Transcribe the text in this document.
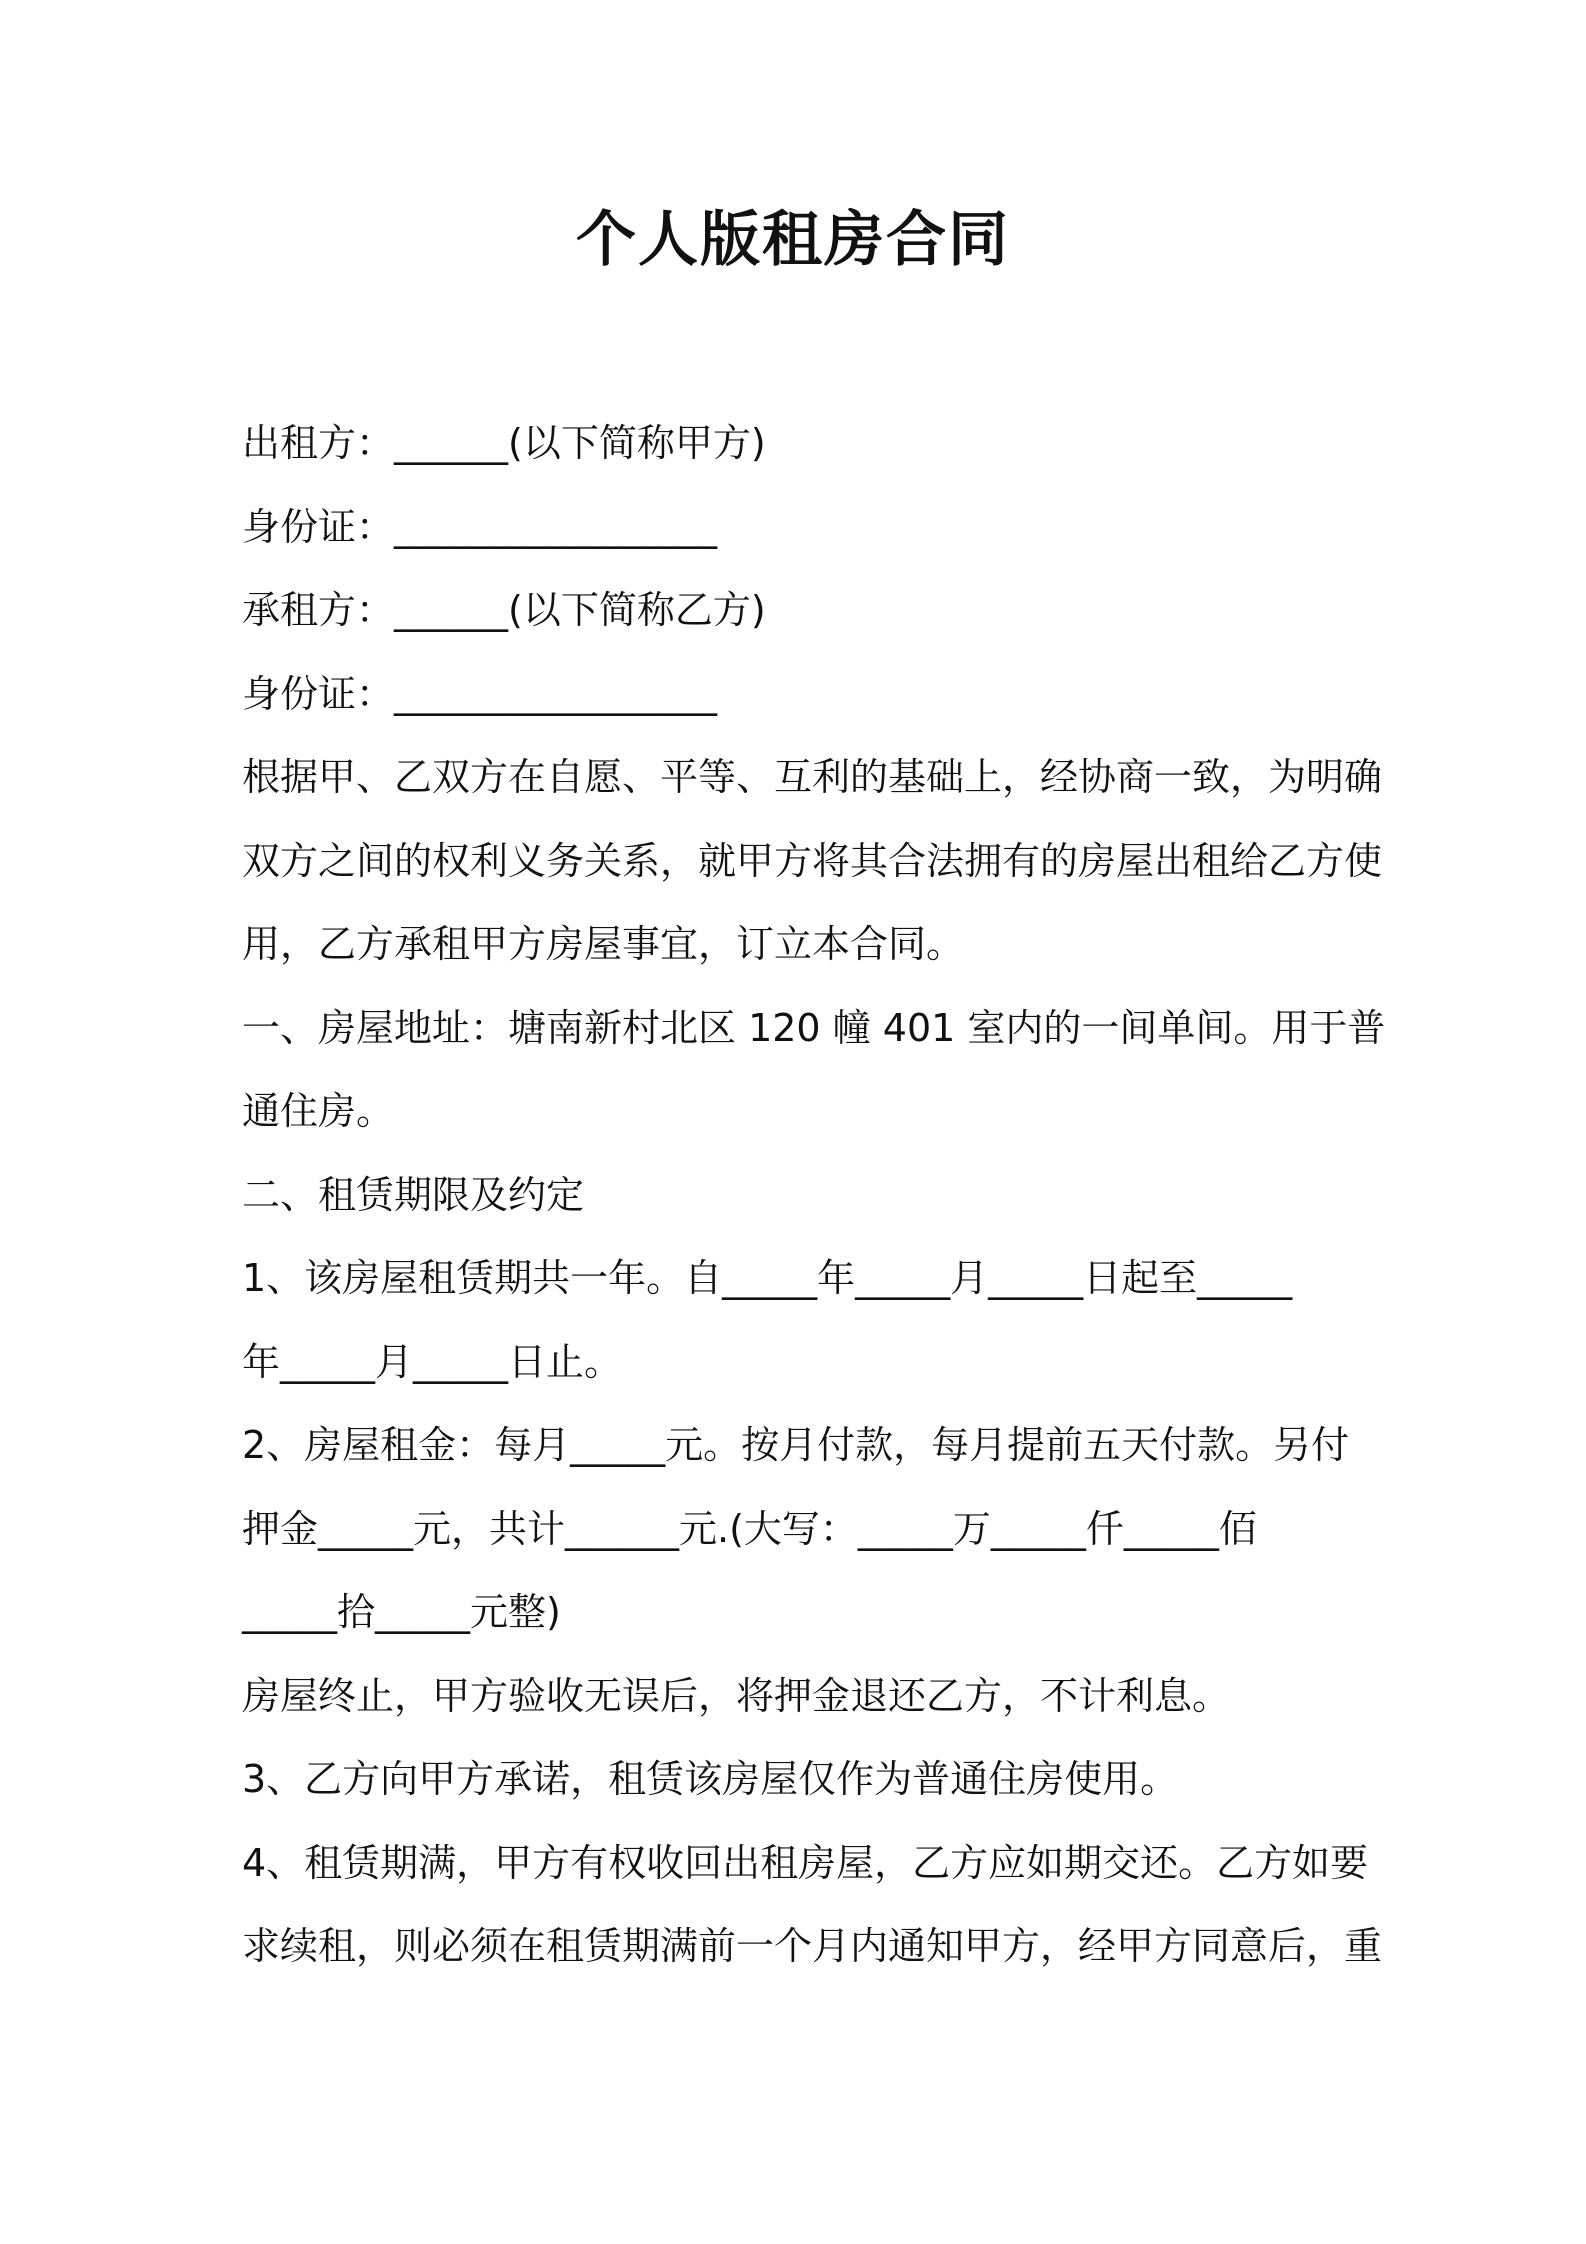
个人版租房合同
出租方：______(以下简称甲方)
身份证：_________________
承租方：______(以下简称乙方)
身份证：_________________
根据甲、乙双方在自愿、平等、互利的基础上，经协商一致，为明确
双方之间的权利义务关系，就甲方将其合法拥有的房屋出租给乙方使
用，乙方承租甲方房屋事宜，订立本合同。
一、房屋地址：塘南新村北区 120 幢 401 室内的一间单间。用于普
通住房。
二、租赁期限及约定
1、该房屋租赁期共一年。自_____年_____月_____日起至_____
年_____月_____日止。
2、房屋租金：每月_____元。按月付款，每月提前五天付款。另付
押金_____元，共计______元.(大写：_____万_____仟_____佰
_____拾_____元整)
房屋终止，甲方验收无误后，将押金退还乙方，不计利息。
3、乙方向甲方承诺，租赁该房屋仅作为普通住房使用。
4、租赁期满，甲方有权收回出租房屋，乙方应如期交还。乙方如要
求续租，则必须在租赁期满前一个月内通知甲方，经甲方同意后，重
